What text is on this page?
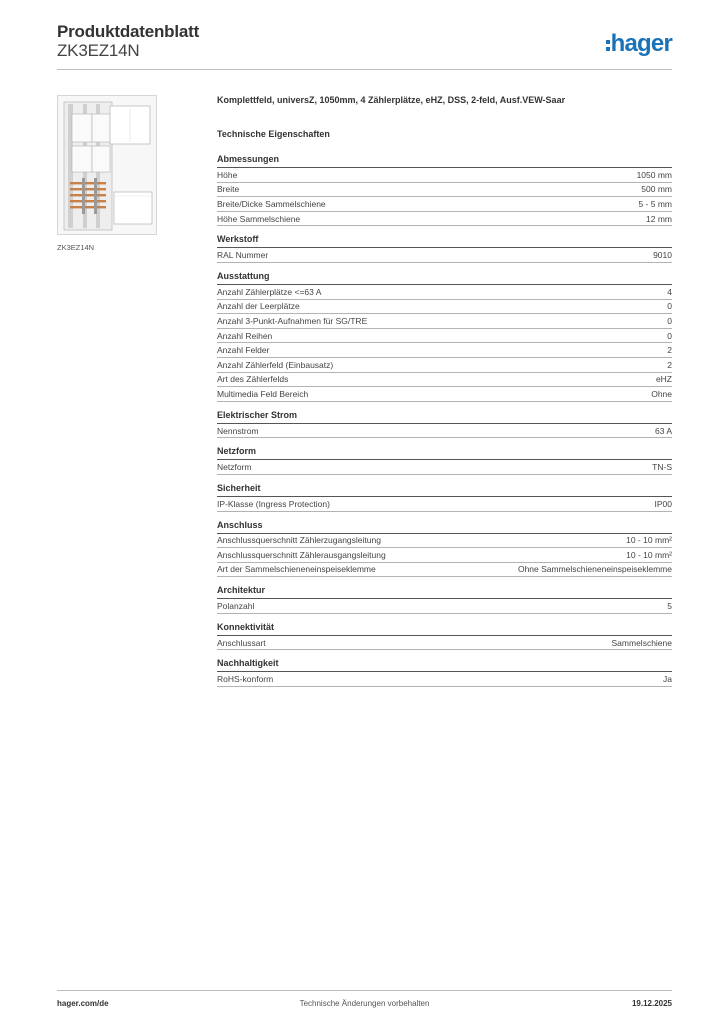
Produktdatenblatt
ZK3EZ14N	hager
ZK3EZ14N
Komplettfeld, universZ, 1050mm, 4 Zählerplätze, eHZ, DSS, 2-feld, Ausf.VEW-Saar
Technische Eigenschaften
Abmessungen
Höhe	1050 mm
Breite	500 mm
Breite/Dicke Sammelschiene	5 - 5 mm
Höhe Sammelschiene	12 mm
Werkstoff
RAL Nummer	9010
Ausstattung
Anzahl Zählerplätze <=63 A	4
Anzahl der Leerplätze	0
Anzahl 3-Punkt-Aufnahmen für SG/TRE	0
Anzahl Reihen	0
Anzahl Felder	2
Anzahl Zählerfeld (Einbausatz)	2
Art des Zählerfelds	eHZ
Multimedia Feld Bereich	Ohne
Elektrischer Strom
Nennstrom	63 A
Netzform
Netzform	TN-S
Sicherheit
IP-Klasse (Ingress Protection)	IP00
Anschluss
Anschlussquerschnitt Zählerzugangsleitung	10 - 10 mm²
Anschlussquerschnitt Zählerausgangsleitung	10 - 10 mm²
Art der Sammelschieneneinspeiseklemme	Ohne Sammelschieneneinspeiseklemme
Architektur
Polanzahl	5
Konnektivität
Anschlussart	Sammelschiene
Nachhaltigkeit
RoHS-konform	Ja
hager.com/de	Technische Änderungen vorbehalten	19.12.2025
